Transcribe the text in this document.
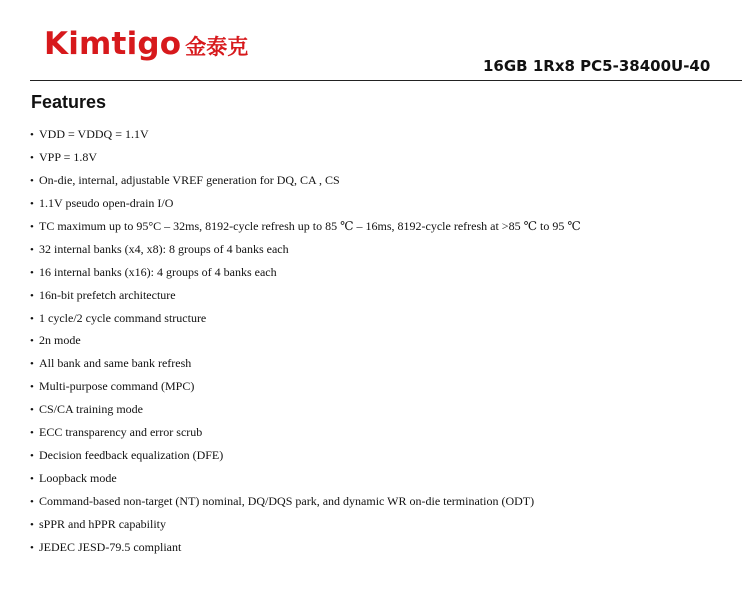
Kimtigo 金泰克
16GB 1Rx8 PC5-38400U-40
Features
• VDD = VDDQ = 1.1V
• VPP = 1.8V
• On-die, internal, adjustable VREF generation for DQ, CA , CS
• 1.1V pseudo open-drain I/O
• TC maximum up to 95°C – 32ms, 8192-cycle refresh up to 85 ℃ – 16ms, 8192-cycle refresh at >85 ℃ to 95 ℃
• 32 internal banks (x4, x8): 8 groups of 4 banks each
• 16 internal banks (x16): 4 groups of 4 banks each
• 16n-bit prefetch architecture
• 1 cycle/2 cycle command structure
• 2n mode
• All bank and same bank refresh
• Multi-purpose command (MPC)
• CS/CA training mode
• ECC transparency and error scrub
• Decision feedback equalization (DFE)
• Loopback mode
• Command-based non-target (NT) nominal, DQ/DQS park, and dynamic WR on-die termination (ODT)
• sPPR and hPPR capability
• JEDEC JESD-79.5 compliant
